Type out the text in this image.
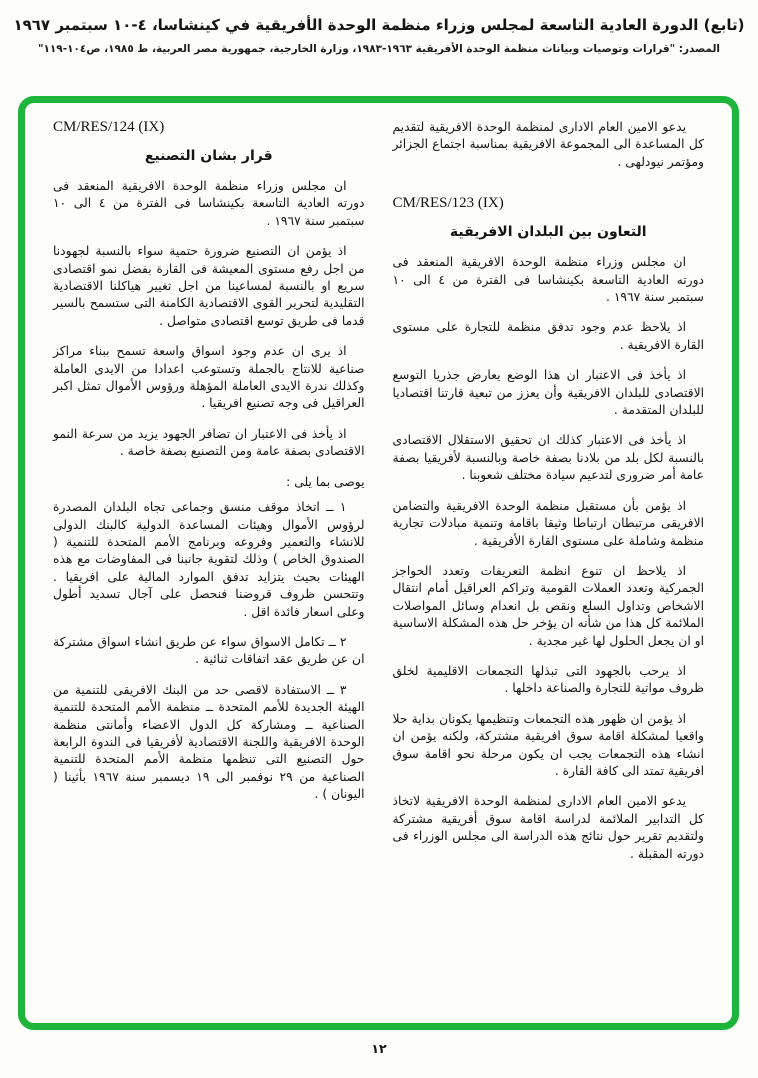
(تابع) الدورة العادية التاسعة لمجلس وزراء منظمة الوحدة الأفريقية في كينشاسا، ٤-١٠ سبتمبر ١٩٦٧
المصدر: "قرارات وتوصيات وبيانات منظمة الوحدة الأفريقية ١٩٦٣-١٩٨٣، وزارة الخارجية، جمهورية مصر العربية، ط ١٩٨٥، ص١٠٤-١١٩"

يدعو الامين العام الادارى لمنظمة الوحدة الافريقية لتقديم كل المساعدة الى المجموعة الافريقية بمناسبة اجتماع الجزائر ومؤتمر نيودلهى .

CM/RES/123 (IX)
التعاون بين البلدان الافريقية

ان مجلس وزراء منظمة الوحدة الافريقية المنعقد فى دورته العادية التاسعة بكينشاسا فى الفترة من ٤ الى ١٠ سبتمبر سنة ١٩٦٧ .

اذ يلاحظ عدم وجود تدفق منظمة للتجارة على مستوى القارة الافريقية .

اذ يأخذ فى الاعتبار ان هذا الوضع يعارض جذريا التوسع الاقتصادى للبلدان الافريقية وأن يعزز من تبعية قارتنا اقتصاديا للبلدان المتقدمة .

اذ يأخذ فى الاعتبار كذلك ان تحقيق الاستقلال الاقتصادى بالنسبة لكل بلد من بلادنا بصفة خاصة وبالنسبة لأفريقيا بصفة عامة أمر ضرورى لتدعيم سيادة مختلف شعوبنا .

اذ يؤمن بأن مستقبل منظمة الوحدة الافريقية والتضامن الافريقى مرتبطان ارتباطا وثيقا باقامة وتنمية مبادلات تجارية منظمة وشاملة على مستوى القارة الأفريقية .

اذ يلاحظ ان تنوع انظمة التعريفات وتعدد الحواجز الجمركية وتعدد العملات القومية وتراكم العراقيل أمام انتقال الاشخاص وتداول السلع ونقص بل انعدام وسائل المواصلات الملائمة كل هذا من شأنه ان يؤخر حل هذه المشكلة الاساسية او ان يجعل الحلول لها غير مجدية .

اذ يرحب بالجهود التى تبذلها التجمعات الاقليمية لخلق ظروف مواتية للتجارة والصناعة داخلها .

اذ يؤمن ان ظهور هذه التجمعات وتنظيمها يكونان بداية حلا واقعيا لمشكلة اقامة سوق افريقية مشتركة، ولكنه يؤمن ان انشاء هذه التجمعات يجب ان يكون مرحلة نحو اقامة سوق افريقية تمتد الى كافة القارة .

يدعو الامين العام الادارى لمنظمة الوحدة الافريقية لاتخاذ كل التدابير الملائمة لدراسة اقامة سوق أفريقية مشتركة ولتقديم تقرير حول نتائج هذه الدراسة الى مجلس الوزراء فى دورته المقبلة .

CM/RES/124 (IX)
قرار بشان التصنيع

ان مجلس وزراء منظمة الوحدة الافريقية المنعقد فى دورته العادية التاسعة بكينشاسا فى الفترة من ٤ الى ١٠ سبتمبر سنة ١٩٦٧ .

اذ يؤمن ان التصنيع ضرورة حتمية سواء بالنسبة لجهودنا من اجل رفع مستوى المعيشة فى القارة بفضل نمو اقتصادى سريع او بالنسبة لمساعينا من اجل تغيير هياكلنا الاقتصادية التقليدية لتحرير القوى الاقتصادية الكامنة التى ستسمح بالسير قدما فى طريق توسع اقتصادى متواصل .

اذ يرى ان عدم وجود اسواق واسعة تسمح ببناء مراكز صناعية للانتاج بالجملة وتستوعب اعدادا من الايدى العاملة وكذلك ندرة الايدى العاملة المؤهلة ورؤوس الأموال تمثل اكبر العراقيل فى وجه تصنيع افريقيا .

اذ يأخذ فى الاعتبار ان تضافر الجهود يزيد من سرعة النمو الاقتصادى بصفة عامة ومن التصنيع بصفة خاصة .

يوصى بما يلى :

١ ــ اتخاذ موقف منسق وجماعى تجاه البلدان المصدرة لرؤوس الأموال وهيئات المساعدة الدولية كالبنك الدولى للانشاء والتعمير وفروعه وبرنامج الأمم المتحدة للتنمية ( الصندوق الخاص ) وذلك لتقوية جانبنا فى المفاوضات مع هذه الهيئات بحيث يتزايد تدفق الموارد المالية على افريقيا . وتتحسن ظروف قروضنا فنحصل على آجال تسديد أطول وعلى اسعار فائدة اقل .

٢ ــ تكامل الاسواق سواء عن طريق انشاء اسواق مشتركة ان عن طريق عقد اتفاقات ثنائية .

٣ ــ الاستفادة لاقصى حد من البنك الافريقى للتنمية من الهيئة الجديدة للأمم المتحدة ــ منظمة الأمم المتحدة للتنمية الصناعية ــ ومشاركة كل الدول الاعضاء وأمانتى منظمة الوحدة الافريقية واللجنة الاقتصادية لأفريقيا فى الندوة الرابعة حول التصنيع التى تنظمها منظمة الأمم المتحدة للتنمية الصناعية من ٢٩ نوفمبر الى ١٩ ديسمبر سنة ١٩٦٧ بأثينا ( اليونان ) .

١٢
